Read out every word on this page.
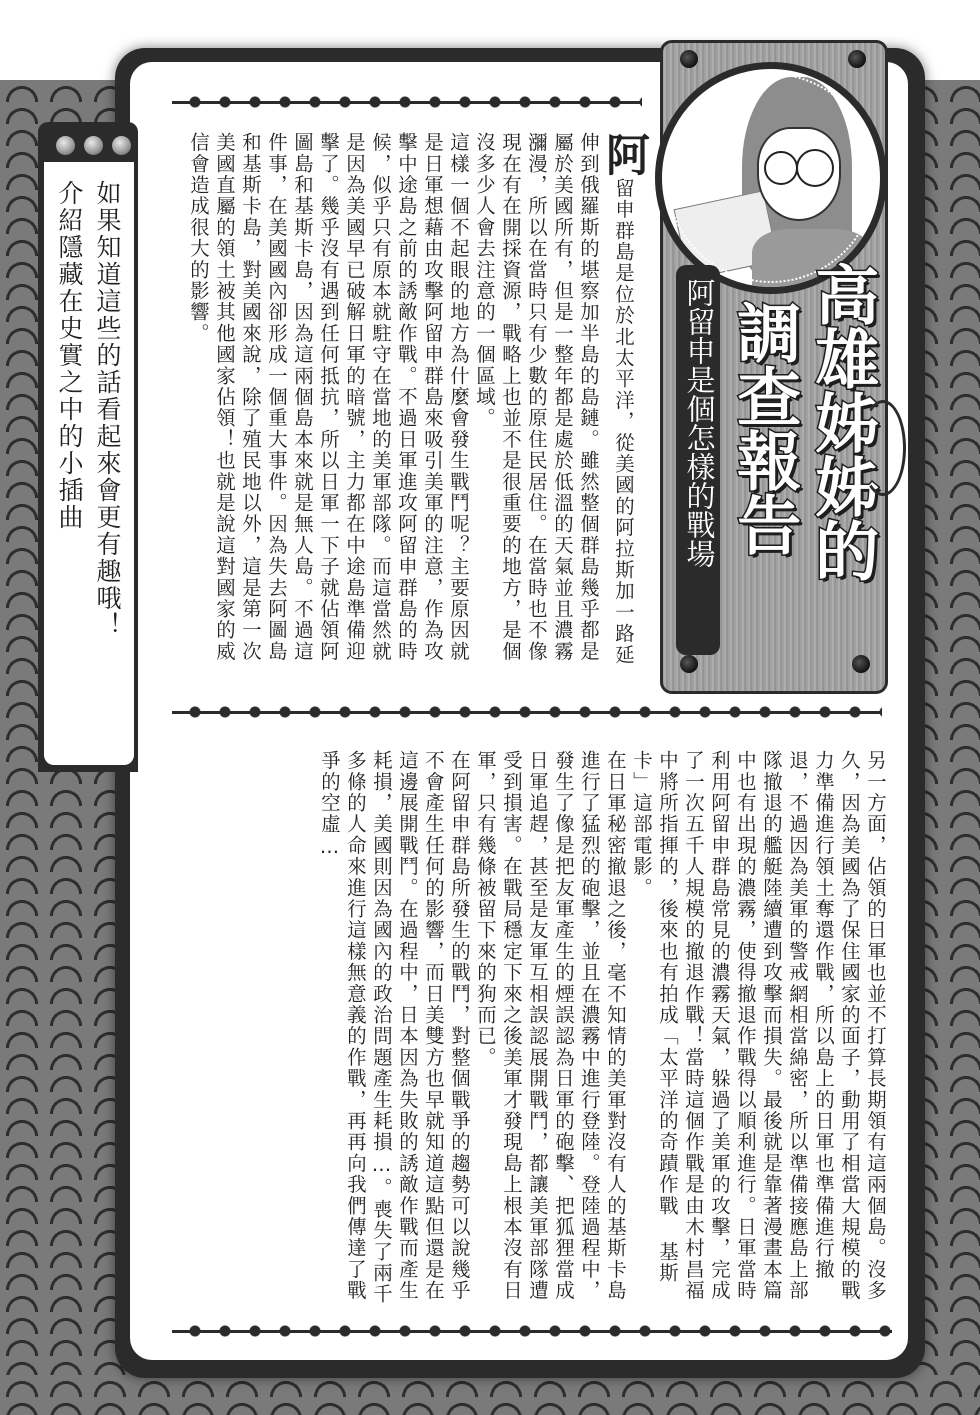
如果知道這些的話看起來會更有趣哦！
介紹隱藏在史實之中的小插曲	高雄姊姊的
調查報告
阿留申是個怎樣的戰場

阿留申群島是位於北太平洋，從美國的阿拉斯加一路延伸到俄羅斯的堪察加半島的島鏈。雖然整個群島幾乎都是屬於美國所有，但是一整年都是處於低溫的天氣並且濃霧瀰漫，所以在當時只有少數的原住民居住。在當時也不像現在有在開採資源，戰略上也並不是很重要的地方，是個沒多少人會去注意的一個區域。

這樣一個不起眼的地方為什麼會發生戰鬥呢？主要原因就是日軍想藉由攻擊阿留申群島來吸引美軍的注意，作為攻擊中途島之前的誘敵作戰。不過日軍進攻阿留申群島的時候，似乎只有原本就駐守在當地的美軍部隊。而這當然就是因為美國早已破解日軍的暗號，主力都在中途島準備迎擊了。幾乎沒有遇到任何抵抗，所以日軍一下子就佔領阿圖島和基斯卡島，因為這兩個島本來就是無人島。不過這件事，在美國國內卻形成一個重大事件。因為失去阿圖島和基斯卡島，對美國來說，除了殖民地以外，這是第一次美國直屬的領土被其他國家佔領！也就是說這對國家的威信會造成很大的影響。

另一方面，佔領的日軍也並不打算長期領有這兩個島。沒多久，因為美國為了保住國家的面子，動用了相當大規模的戰力準備進行領土奪還作戰，所以島上的日軍也準備進行撤退，不過因為美軍的警戒網相當綿密，所以準備接應島上部隊撤退的艦艇陸續遭到攻擊而損失。最後就是靠著漫畫本篇中也有出現的濃霧，使得撤退作戰得以順利進行。日軍當時利用阿留申群島常見的濃霧天氣，躲過了美軍的攻擊，完成了一次五千人規模的撤退作戰！當時這個作戰是由木村昌福中將所指揮的，後來也有拍成「太平洋的奇蹟作戰 基斯卡」這部電影。

在日軍秘密撤退之後，毫不知情的美軍對沒有人的基斯卡島進行了猛烈的砲擊，並且在濃霧中進行登陸。登陸過程中，發生了像是把友軍產生的煙誤認為日軍的砲擊、把狐狸當成日軍追趕，甚至是友軍互相誤認展開戰鬥，都讓美軍部隊遭受到損害。在戰局穩定下來之後美軍才發現島上根本沒有日軍，只有幾條被留下來的狗而已。

在阿留申群島所發生的戰鬥，對整個戰爭的趨勢可以說幾乎不會產生任何的影響，而日美雙方也早就知道這點但還是在這邊展開戰鬥。在過程中，日本因為失敗的誘敵作戰而產生耗損，美國則因為國內的政治問題產生耗損…。喪失了兩千多條的人命來進行這樣無意義的作戰，再再向我們傳達了戰爭的空虛…
